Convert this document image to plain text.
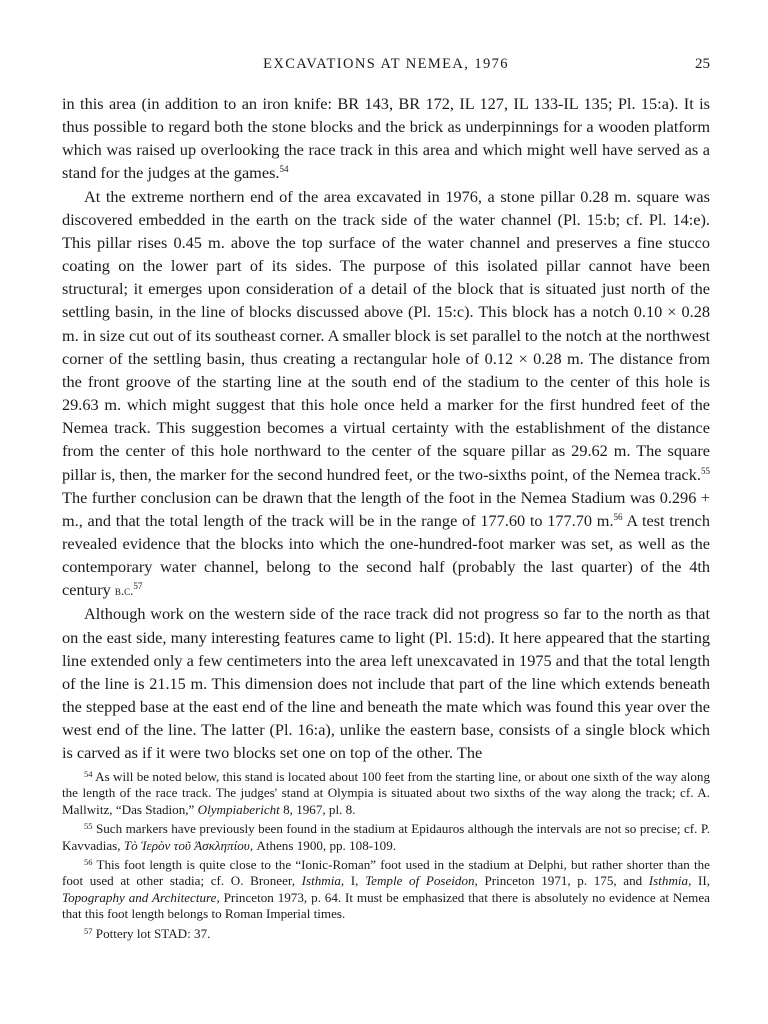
EXCAVATIONS AT NEMEA, 1976	25

in this area (in addition to an iron knife: BR 143, BR 172, IL 127, IL 133-IL 135; Pl. 15:a). It is thus possible to regard both the stone blocks and the brick as underpinnings for a wooden platform which was raised up overlooking the race track in this area and which might well have served as a stand for the judges at the games.$^{54}$

At the extreme northern end of the area excavated in 1976, a stone pillar 0.28 m. square was discovered embedded in the earth on the track side of the water channel (Pl. 15:b; cf. Pl. 14:e). This pillar rises 0.45 m. above the top surface of the water channel and preserves a fine stucco coating on the lower part of its sides. The purpose of this isolated pillar cannot have been structural; it emerges upon consideration of a detail of the block that is situated just north of the settling basin, in the line of blocks discussed above (Pl. 15:c). This block has a notch 0.10 × 0.28 m. in size cut out of its southeast corner. A smaller block is set parallel to the notch at the northwest corner of the settling basin, thus creating a rectangular hole of 0.12 × 0.28 m. The distance from the front groove of the starting line at the south end of the stadium to the center of this hole is 29.63 m. which might suggest that this hole once held a marker for the first hundred feet of the Nemea track. This suggestion becomes a virtual certainty with the establishment of the distance from the center of this hole northward to the center of the square pillar as 29.62 m. The square pillar is, then, the marker for the second hundred feet, or the two-sixths point, of the Nemea track.$^{55}$ The further conclusion can be drawn that the length of the foot in the Nemea Stadium was 0.296 + m., and that the total length of the track will be in the range of 177.60 to 177.70 m.$^{56}$ A test trench revealed evidence that the blocks into which the one-hundred-foot marker was set, as well as the contemporary water channel, belong to the second half (probably the last quarter) of the 4th century b.c.$^{57}$

Although work on the western side of the race track did not progress so far to the north as that on the east side, many interesting features came to light (Pl. 15:d). It here appeared that the starting line extended only a few centimeters into the area left unexcavated in 1975 and that the total length of the line is 21.15 m. This dimension does not include that part of the line which extends beneath the stepped base at the east end of the line and beneath the mate which was found this year over the west end of the line. The latter (Pl. 16:a), unlike the eastern base, consists of a single block which is carved as if it were two blocks set one on top of the other. The

$^{54}$ As will be noted below, this stand is located about 100 feet from the starting line, or about one sixth of the way along the length of the race track. The judges' stand at Olympia is situated about two sixths of the way along the track; cf. A. Mallwitz, “Das Stadion,” Olympiabericht 8, 1967, pl. 8.

$^{55}$ Such markers have previously been found in the stadium at Epidauros although the intervals are not so precise; cf. P. Kavvadias, Τὸ Ἱερὸν τοῦ Ἀσκληπίου, Athens 1900, pp. 108-109.

$^{56}$ This foot length is quite close to the “Ionic-Roman” foot used in the stadium at Delphi, but rather shorter than the foot used at other stadia; cf. O. Broneer, Isthmia, I, Temple of Poseidon, Princeton 1971, p. 175, and Isthmia, II, Topography and Architecture, Princeton 1973, p. 64. It must be emphasized that there is absolutely no evidence at Nemea that this foot length belongs to Roman Imperial times.

$^{57}$ Pottery lot STAD: 37.
